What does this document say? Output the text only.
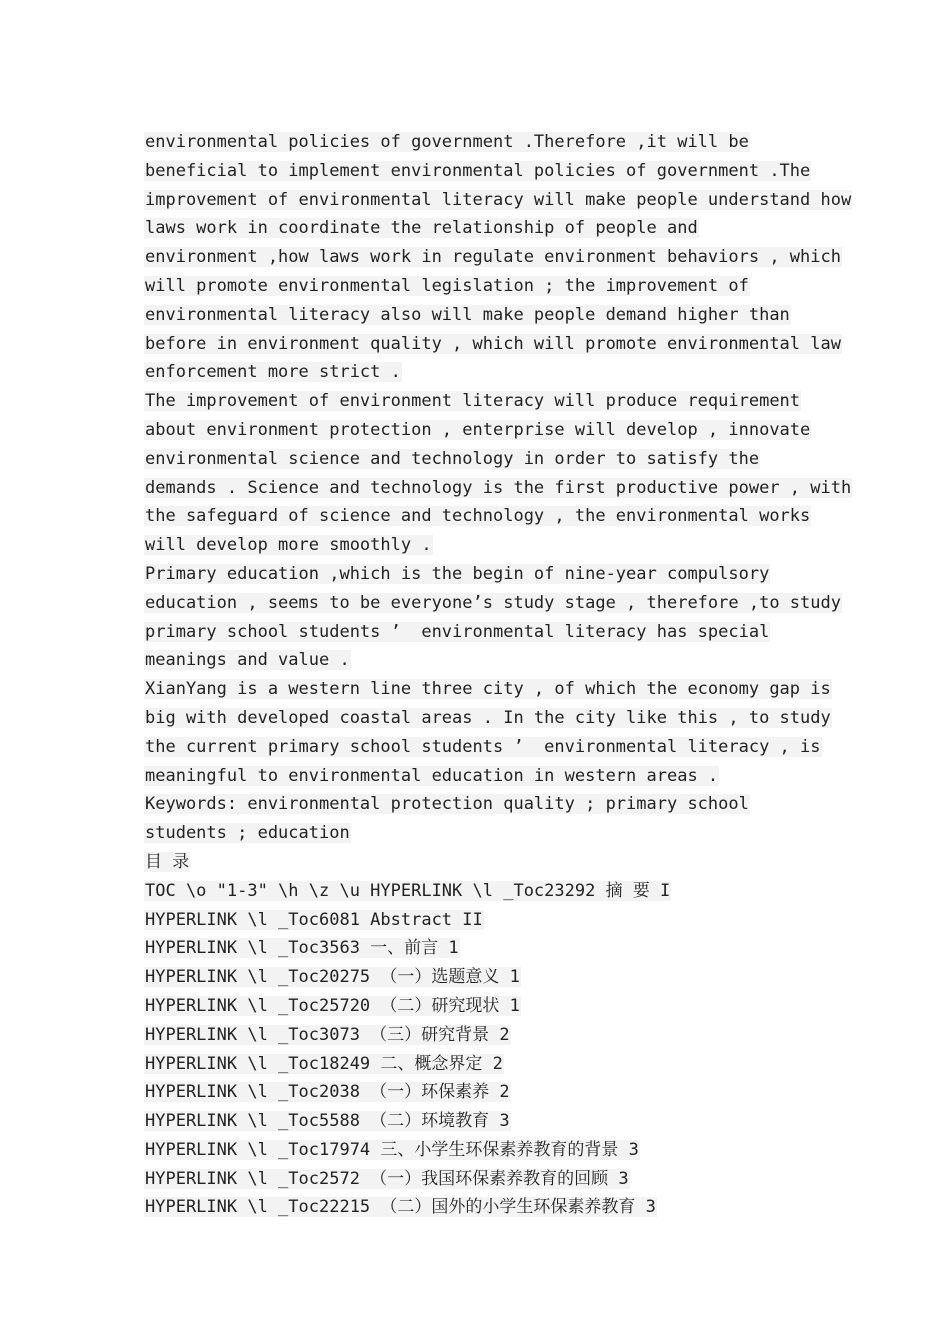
environmental policies of government .Therefore ,it will be
beneficial to implement environmental policies of government .The
improvement of environmental literacy will make people understand how
laws work in coordinate the relationship of people and
environment ,how laws work in regulate environment behaviors , which
will promote environmental legislation ; the improvement of
environmental literacy also will make people demand higher than
before in environment quality , which will promote environmental law
enforcement more strict .
The improvement of environment literacy will produce requirement
about environment protection , enterprise will develop , innovate
environmental science and technology in order to satisfy the
demands . Science and technology is the first productive power , with
the safeguard of science and technology , the environmental works
will develop more smoothly .
Primary education ,which is the begin of nine-year compulsory
education , seems to be everyone’s study stage , therefore ,to study
primary school students ’  environmental literacy has special
meanings and value .
XianYang is a western line three city , of which the economy gap is
big with developed coastal areas . In the city like this , to study
the current primary school students ’  environmental literacy , is
meaningful to environmental education in western areas .
Keywords: environmental protection quality ; primary school
students ; education
目 录
TOC \o "1-3" \h \z \u HYPERLINK \l _Toc23292 摘 要 I
HYPERLINK \l _Toc6081 Abstract II
HYPERLINK \l _Toc3563 一、前言 1
HYPERLINK \l _Toc20275 （一）选题意义 1
HYPERLINK \l _Toc25720 （二）研究现状 1
HYPERLINK \l _Toc3073 （三）研究背景 2
HYPERLINK \l _Toc18249 二、概念界定 2
HYPERLINK \l _Toc2038 （一）环保素养 2
HYPERLINK \l _Toc5588 （二）环境教育 3
HYPERLINK \l _Toc17974 三、小学生环保素养教育的背景 3
HYPERLINK \l _Toc2572 （一）我国环保素养教育的回顾 3
HYPERLINK \l _Toc22215 （二）国外的小学生环保素养教育 3
